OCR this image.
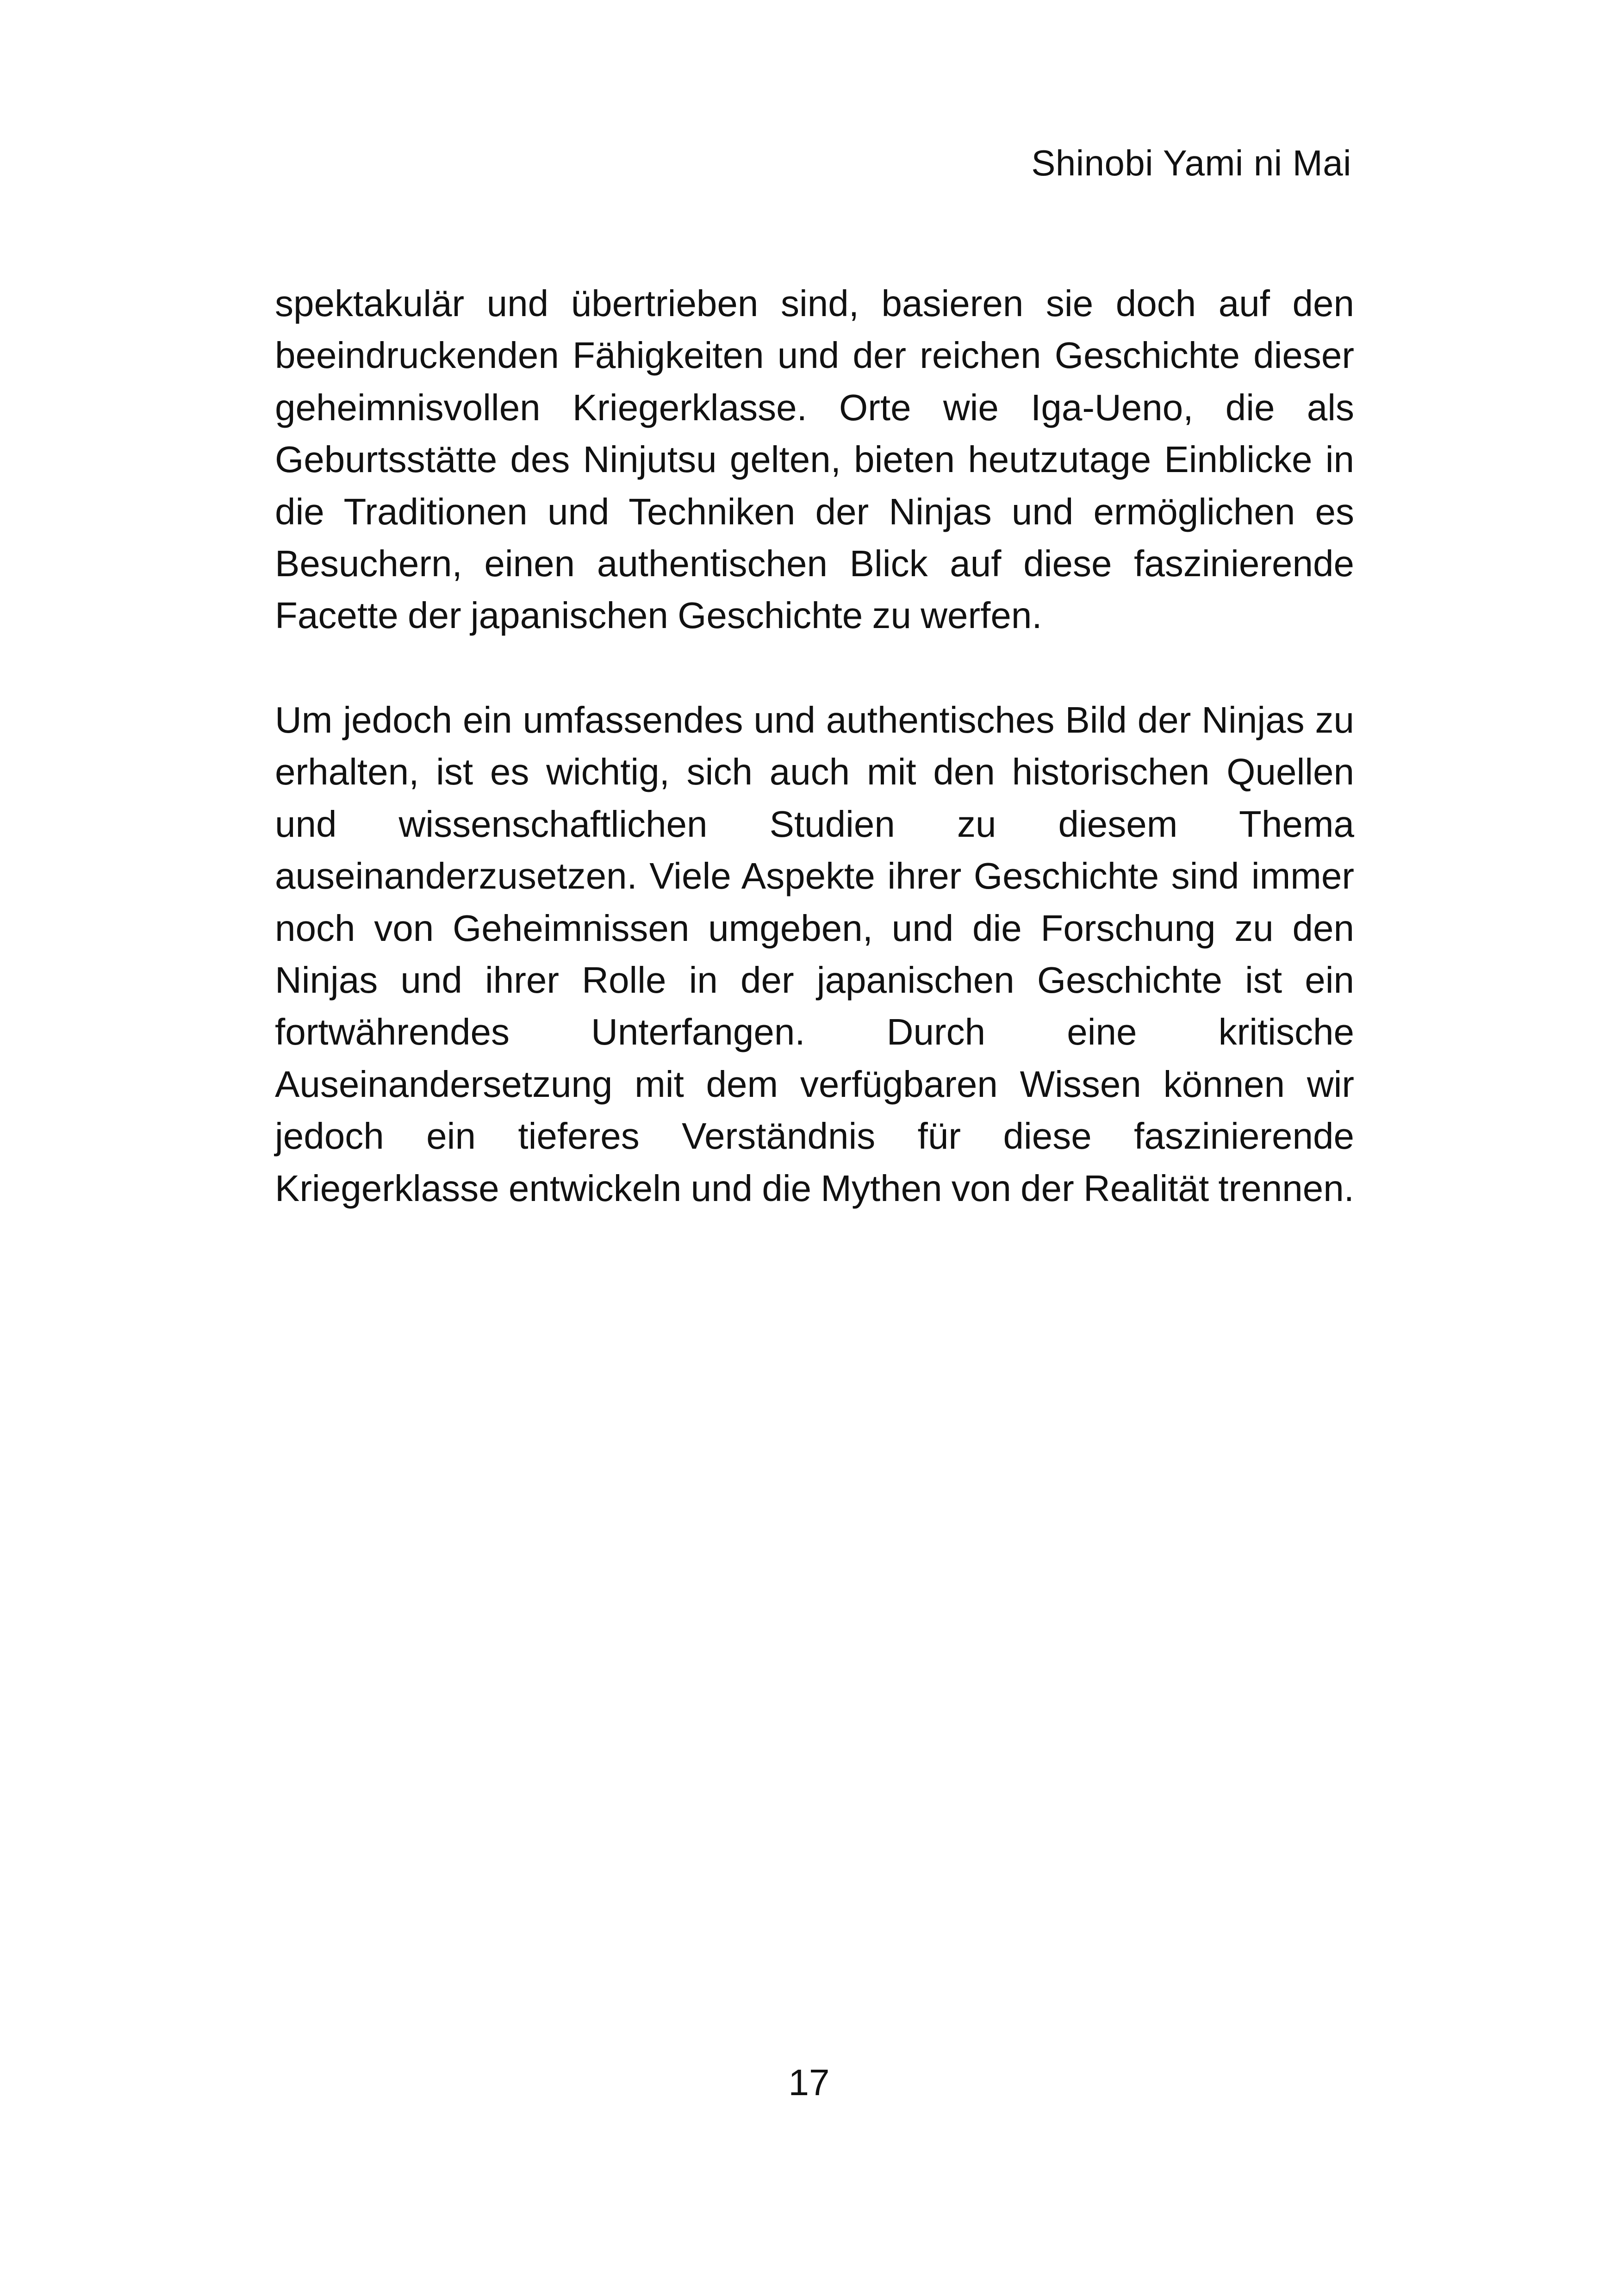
Shinobi Yami ni Mai

spektakulär und übertrieben sind, basieren sie doch auf den beeindruckenden Fähigkeiten und der reichen Geschichte dieser geheimnisvollen Kriegerklasse. Orte wie Iga-Ueno, die als Geburtsstätte des Ninjutsu gelten, bieten heutzutage Einblicke in die Traditionen und Techniken der Ninjas und ermöglichen es Besuchern, einen authentischen Blick auf diese faszinierende Facette der japanischen Geschichte zu werfen.

Um jedoch ein umfassendes und authentisches Bild der Ninjas zu erhalten, ist es wichtig, sich auch mit den historischen Quellen und wissenschaftlichen Studien zu diesem Thema auseinanderzusetzen. Viele Aspekte ihrer Geschichte sind immer noch von Geheimnissen umgeben, und die Forschung zu den Ninjas und ihrer Rolle in der japanischen Geschichte ist ein fortwährendes Unterfangen. Durch eine kritische Auseinandersetzung mit dem verfügbaren Wissen können wir jedoch ein tieferes Verständnis für diese faszinierende Kriegerklasse entwickeln und die Mythen von der Realität trennen.

17
